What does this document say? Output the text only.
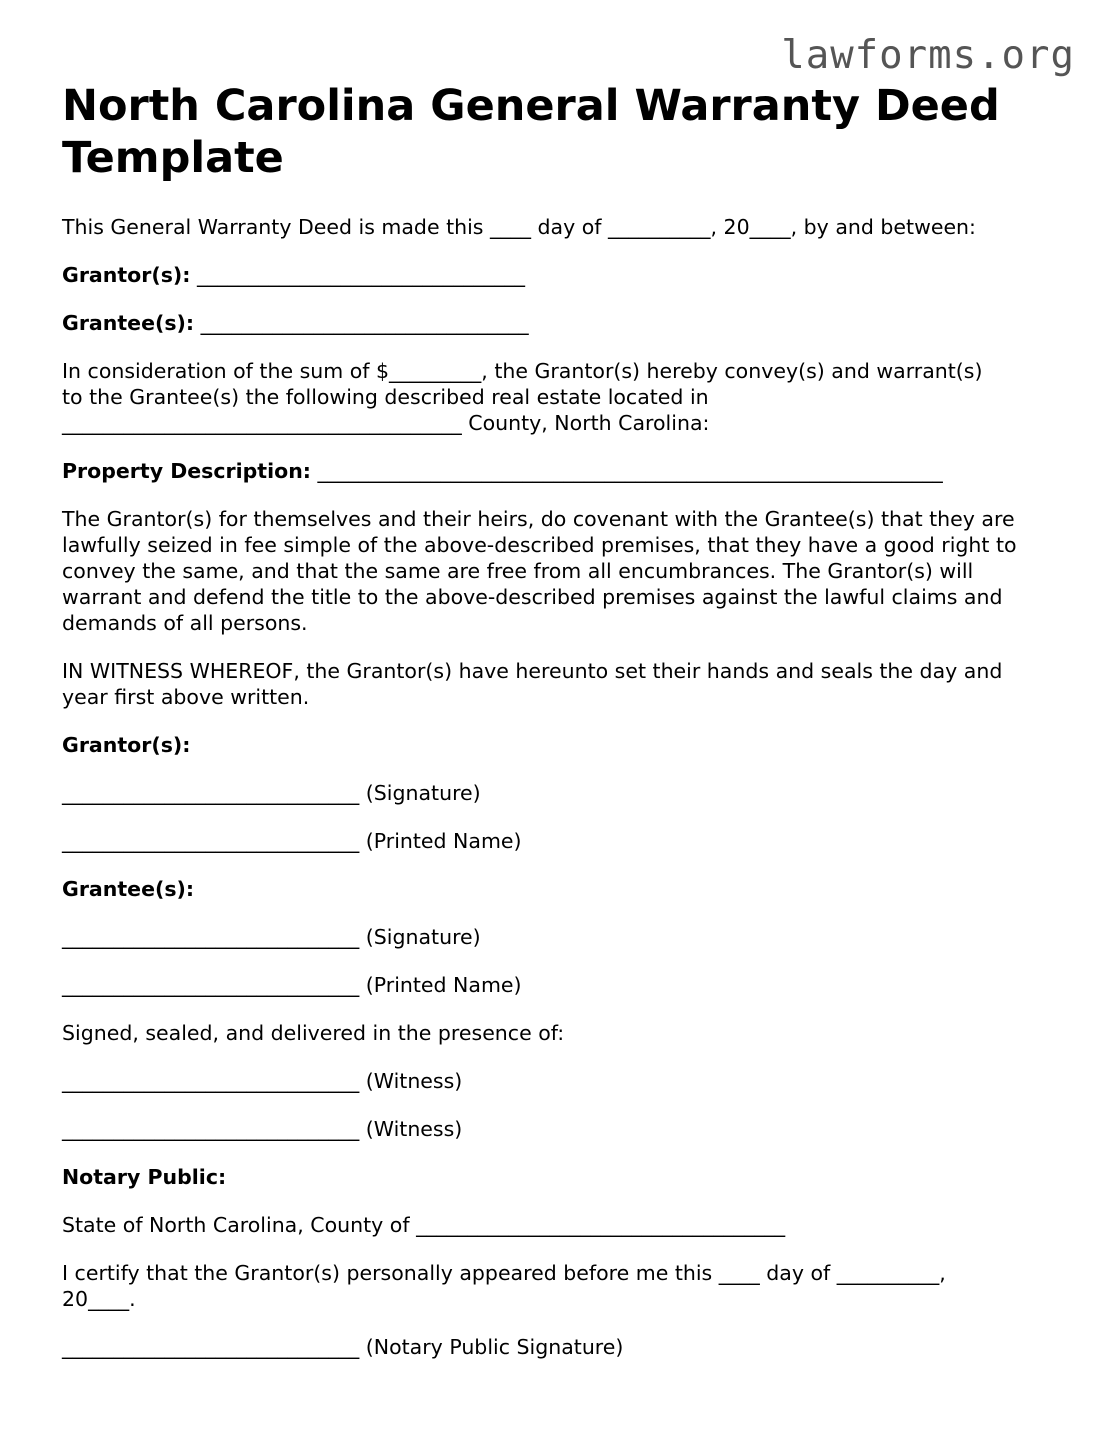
lawforms.org
North Carolina General Warranty Deed Template

This General Warranty Deed is made this ____ day of __________, 20____, by and between:

Grantor(s): ________________________________

Grantee(s): ________________________________

In consideration of the sum of $_________, the Grantor(s) hereby convey(s) and warrant(s)
to the Grantee(s) the following described real estate located in
_______________________________________ County, North Carolina:

Property Description: _____________________________________________________________

The Grantor(s) for themselves and their heirs, do covenant with the Grantee(s) that they are lawfully seized in fee simple of the above-described premises, that they have a good right to convey the same, and that the same are free from all encumbrances. The Grantor(s) will warrant and defend the title to the above-described premises against the lawful claims and demands of all persons.

IN WITNESS WHEREOF, the Grantor(s) have hereunto set their hands and seals the day and year first above written.

Grantor(s):

_____________________________ (Signature)

_____________________________ (Printed Name)

Grantee(s):

_____________________________ (Signature)

_____________________________ (Printed Name)

Signed, sealed, and delivered in the presence of:

_____________________________ (Witness)

_____________________________ (Witness)

Notary Public:

State of North Carolina, County of ____________________________________

I certify that the Grantor(s) personally appeared before me this ____ day of __________,
20____.

_____________________________ (Notary Public Signature)
